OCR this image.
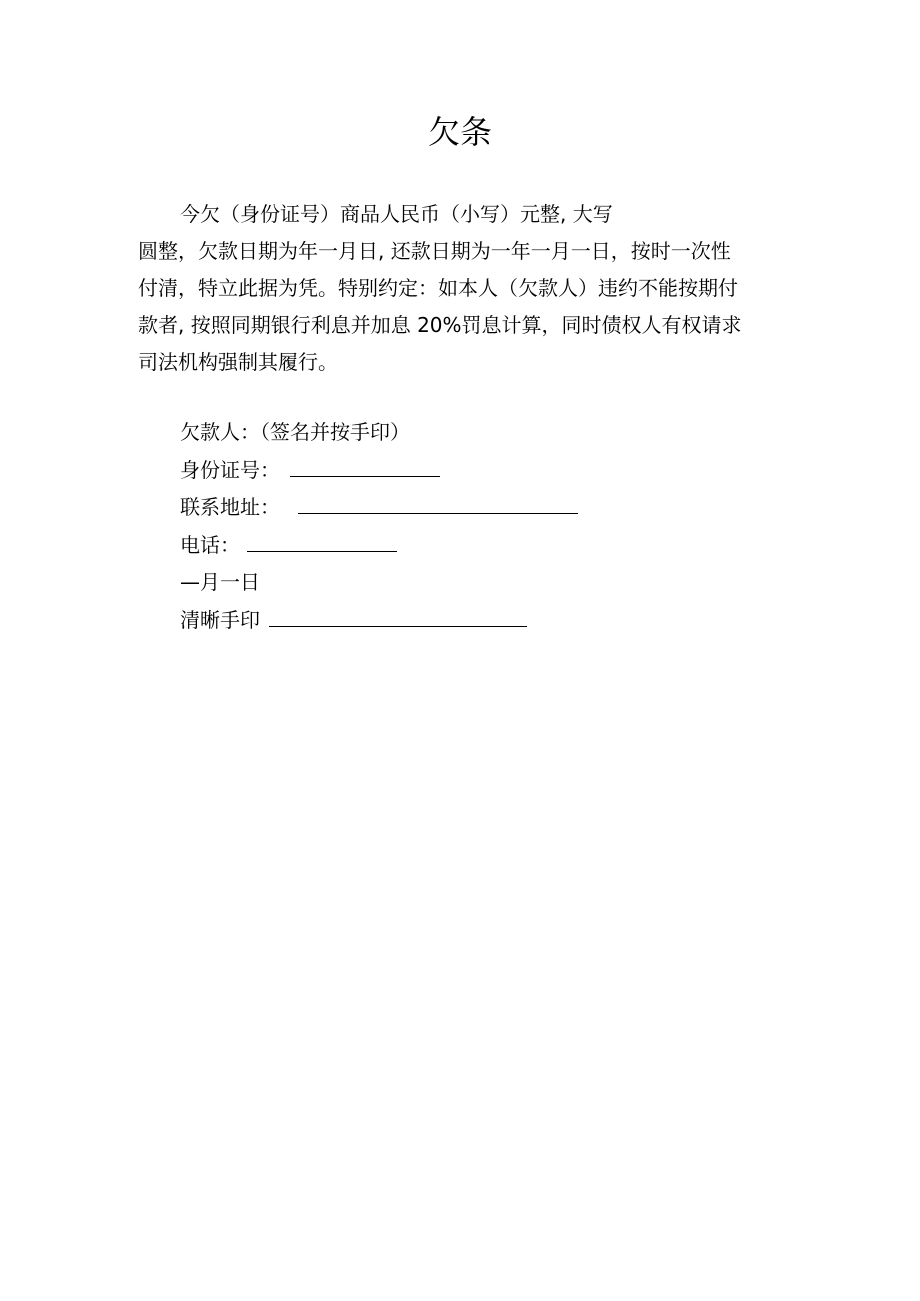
欠条
今欠（身份证号）商品人民币（小写）元整, 大写
圆整，欠款日期为年一月日, 还款日期为一年一月一日，按时一次性
付清，特立此据为凭。特别约定：如本人（欠款人）违约不能按期付
款者, 按照同期银行利息并加息 20%罚息计算，同时债权人有权请求
司法机构强制其履行。
欠款人：（签名并按手印）
身份证号：
联系地址：
电话：
—月一日
清晰手印
